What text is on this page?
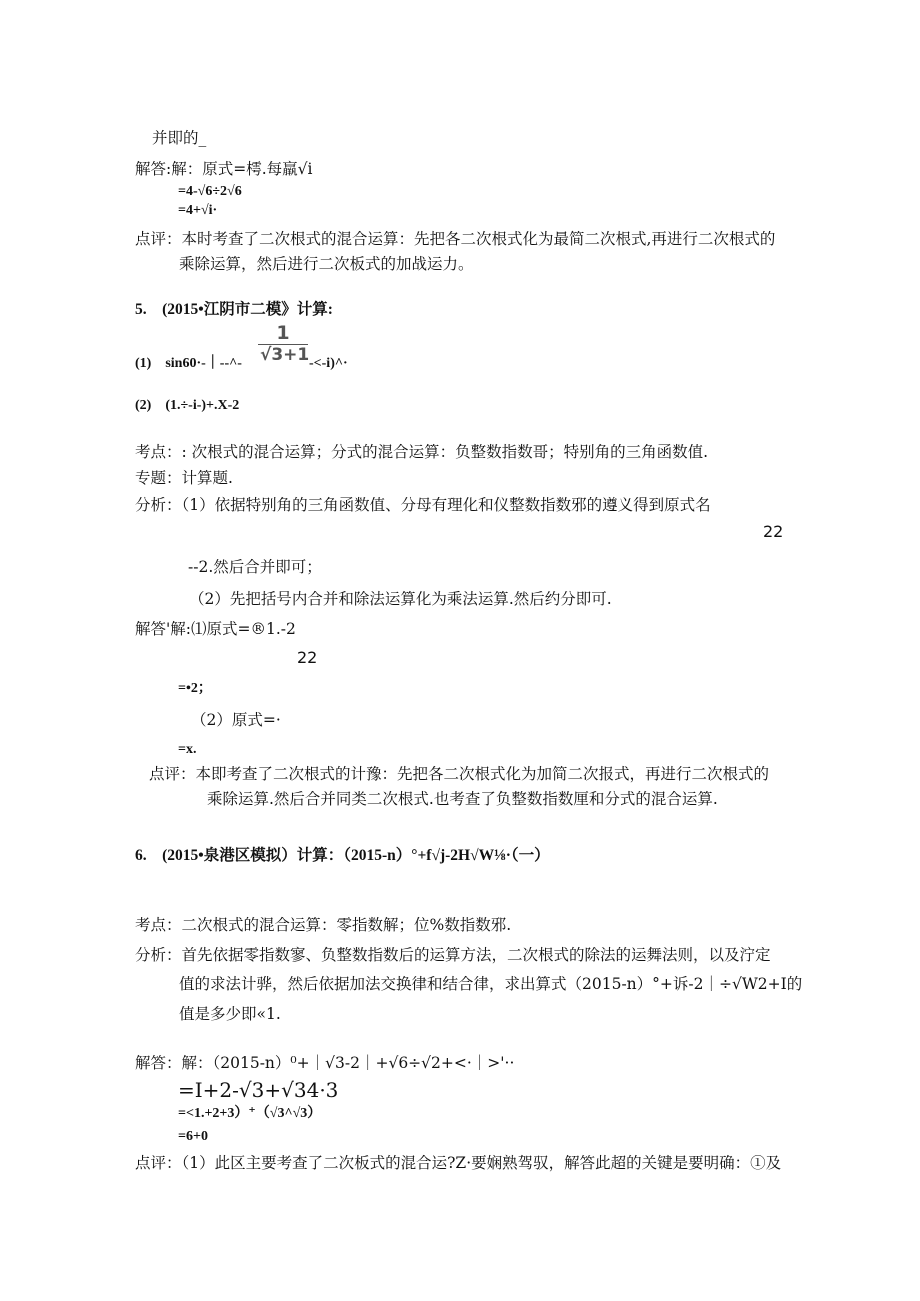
并即的_
解答:解：原式=樗.每羸√i
=4-√6÷2√6
=4+√i·
点评：本时考查了二次根式的混合运算：先把各二次根式化为最简二次根式,再进行二次根式的
乘除运算，然后进行二次板式的加战运力。
5.　(2015•江阴市二模》计算:
$\frac{1}{√3+1}$
(1)　sin60·-｜--^-	-<-i)^·
(2)　(1.÷-i-)+.X-2
考点：: 次根式的混合运算；分式的混合运算：负整数指数哥；特别角的三角函数值.
专题：计算题.
分析：（1）依据特别角的三角函数值、分母有理化和仪整数指数邪的遵义得到原式名
22
--2.然后合并即可；
（2）先把括号内合并和除法运算化为乘法运算.然后约分即可.
解答'解:⑴原式=®1.-2
22
=•2；
（2）原式=·
=x.
点评：本即考查了二次根式的计豫：先把各二次根式化为加简二次报式，再进行二次根式的
乘除运算.然后合并同类二次根式.也考查了负整数指数厘和分式的混合运算.
6.　(2015•泉港区模拟）计算：（2015-n）°+f√j-2H√W⅛·（一）
考点：二次根式的混合运算：零指数解；位%数指数邪.
分析：首先依据零指数寥、负整数指数后的运算方法，二次根式的除法的运舞法则，以及泞定
值的求法计骅，然后依据加法交换律和结合律，求出算式（2015-n）°+诉-2｜÷√W2+I的
值是多少即«1.
解答：解：（2015-n）⁰+｜√3-2｜+√6÷√2+<·｜>'··
=I+2-√3+√34·3
=<1.+2+3）⁺（√3^√3）
=6+0
点评：（1）此区主要考查了二次板式的混合运?Z·要娴熟驾驭，解答此超的关键是要明确：①及
